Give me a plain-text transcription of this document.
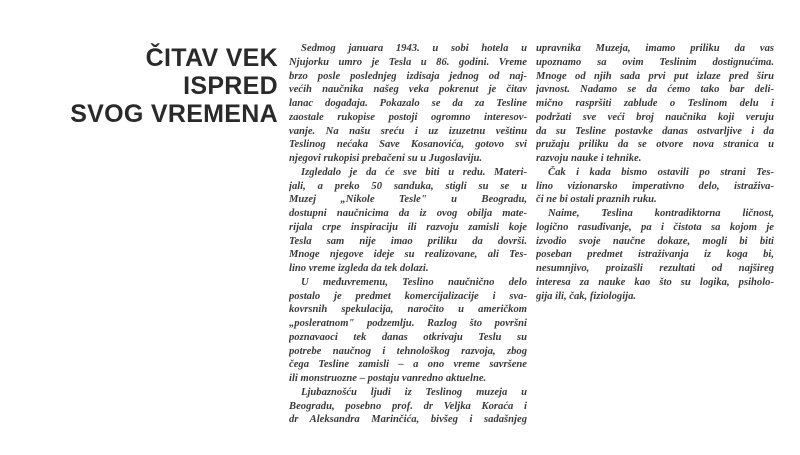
ČITAV VEK
ISPRED
SVOG VREMENA
Sedmog januara 1943. u sobi hotela u
Njujorku umro je Tesla u 86. godini. Vreme
brzo posle poslednjeg izdisaja jednog od naj-
većih naučnika našeg veka pokrenut je čitav
lanac događaja. Pokazalo se da za Tesline
zaostale rukopise postoji ogromno interesov-
vanje. Na našu sreću i uz izuzetnu veštinu
Teslinog nećaka Save Kosanovića, gotovo svi
njegovi rukopisi prebačeni su u Jugoslaviju.
Izgledalo je da će sve biti u redu. Materi-
jali, a preko 50 sanduka, stigli su se u
Muzej „Nikole Tesle" u Beogradu,
dostupni naučnicima da iz ovog obilja mate-
rijala crpe inspiraciju ili razvoju zamisli koje
Tesla sam nije imao priliku da dovrši.
Mnoge njegove ideje su realizovane, ali Tes-
lino vreme izgleda da tek dolazi.
U međuvremenu, Teslino naučnično delo
postalo je predmet komercijalizacije i sva-
kovrsnih spekulacija, naročito u američkom
„posleratnom" podzemlju. Razlog što površni
poznavaoci tek danas otkrivaju Teslu su
potrebe naučnog i tehnološkog razvoja, zbog
čega Tesline zamisli – a ono vreme savršene
ili monstruozne – postaju vanredno aktuelne.
Ljubaznošću ljudi iz Teslinog muzeja u
Beogradu, posebno prof. dr Veljka Koraća i
dr Aleksandra Marinčića, bivšeg i sadašnjeg
upravnika Muzeja, imamo priliku da vas
upoznamo sa ovim Teslinim dostignućima.
Mnoge od njih sada prvi put izlaze pred širu
javnost. Nadamo se da ćemo tako bar deli-
mično raspršiti zablude o Teslinom delu i
podržati sve veći broj naučnika koji veruju
da su Tesline postavke danas ostvarljive i da
pružaju priliku da se otvore nova stranica u
razvoju nauke i tehnike.
Čak i kada bismo ostavili po strani Tes-
lino vizionarsko imperativno delo, istraživa-
či ne bi ostali praznih ruku.
Naime, Teslina kontradiktorna ličnost,
logično rasuđivanje, pa i čistota sa kojom je
izvodio svoje naučne dokaze, mogli bi biti
poseban predmet istraživanja iz koga bi,
nesumnjivo, proizašli rezultati od najšireg
interesa za nauke kao što su logika, psiholo-
gija ili, čak, fiziologija.
